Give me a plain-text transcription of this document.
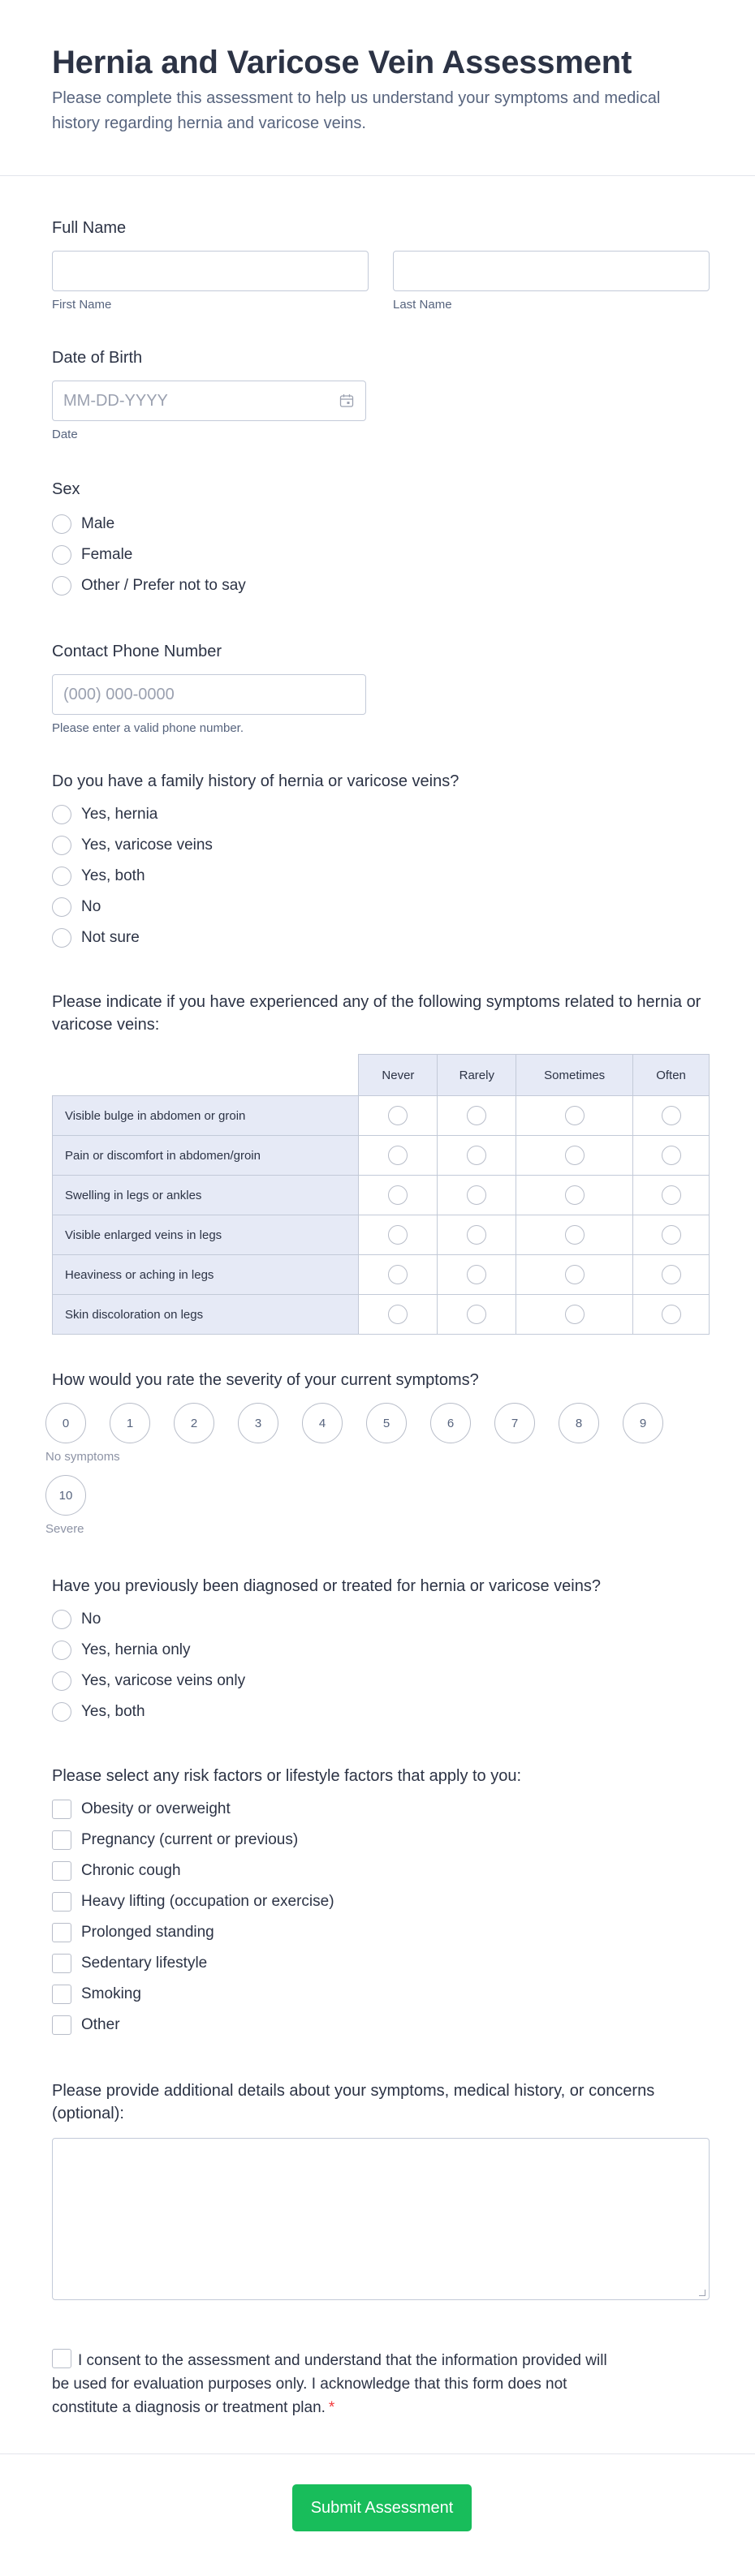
Hernia and Varicose Vein Assessment

Please complete this assessment to help us understand your symptoms and medical history regarding hernia and varicose veins.

Full Name
First Name	Last Name
Date of Birth
MM-DD-YYYY
Date
Sex
Male
Female
Other / Prefer not to say
Contact Phone Number
(000) 000-0000
Please enter a valid phone number.
Do you have a family history of hernia or varicose veins?
Yes, hernia
Yes, varicose veins
Yes, both
No
Not sure
Please indicate if you have experienced any of the following symptoms related to hernia or varicose veins:
	Never	Rarely	Sometimes	Often
Visible bulge in abdomen or groin				
Pain or discomfort in abdomen/groin				
Swelling in legs or ankles				
Visible enlarged veins in legs				
Heaviness or aching in legs				
Skin discoloration on legs				
How would you rate the severity of your current symptoms?
0
No symptoms
1	2	3	4	5	6	7	8	9
10
Severe
Have you previously been diagnosed or treated for hernia or varicose veins?
No
Yes, hernia only
Yes, varicose veins only
Yes, both
Please select any risk factors or lifestyle factors that apply to you:
Obesity or overweight
Pregnancy (current or previous)
Chronic cough
Heavy lifting (occupation or exercise)
Prolonged standing
Sedentary lifestyle
Smoking
Other
Please provide additional details about your symptoms, medical history, or concerns (optional):
I consent to the assessment and understand that the information provided will be used for evaluation purposes only. I acknowledge that this form does not constitute a diagnosis or treatment plan. *
Submit Assessment
